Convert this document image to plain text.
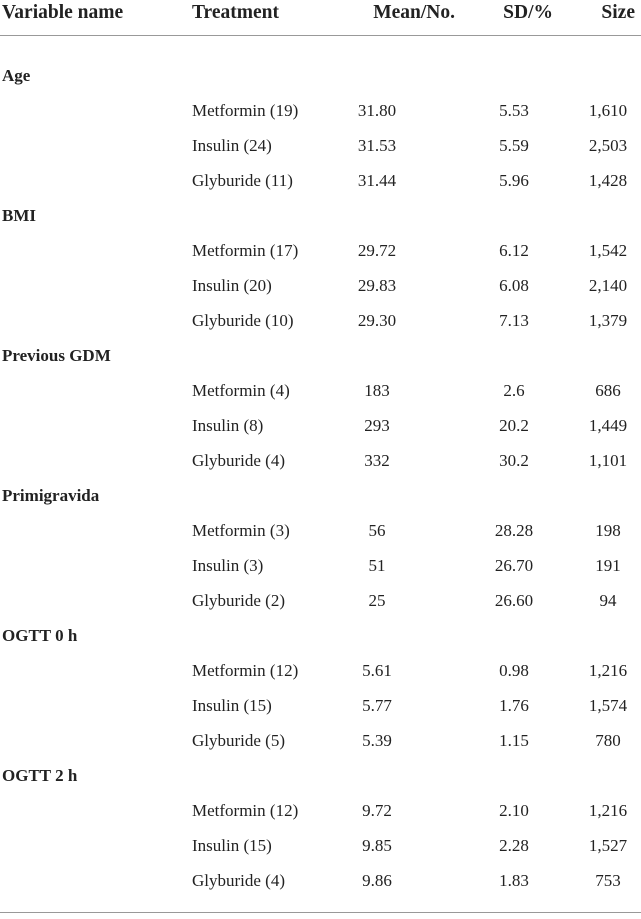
Variable name	Treatment	Mean/No.	SD/%	Size

Age				
	Metformin (19)	31.80	5.53	1,610
	Insulin (24)	31.53	5.59	2,503
	Glyburide (11)	31.44	5.96	1,428
BMI				
	Metformin (17)	29.72	6.12	1,542
	Insulin (20)	29.83	6.08	2,140
	Glyburide (10)	29.30	7.13	1,379
Previous GDM				
	Metformin (4)	183	2.6	686
	Insulin (8)	293	20.2	1,449
	Glyburide (4)	332	30.2	1,101
Primigravida				
	Metformin (3)	56	28.28	198
	Insulin (3)	51	26.70	191
	Glyburide (2)	25	26.60	94
OGTT 0 h				
	Metformin (12)	5.61	0.98	1,216
	Insulin (15)	5.77	1.76	1,574
	Glyburide (5)	5.39	1.15	780
OGTT 2 h				
	Metformin (12)	9.72	2.10	1,216
	Insulin (15)	9.85	2.28	1,527
	Glyburide (4)	9.86	1.83	753
